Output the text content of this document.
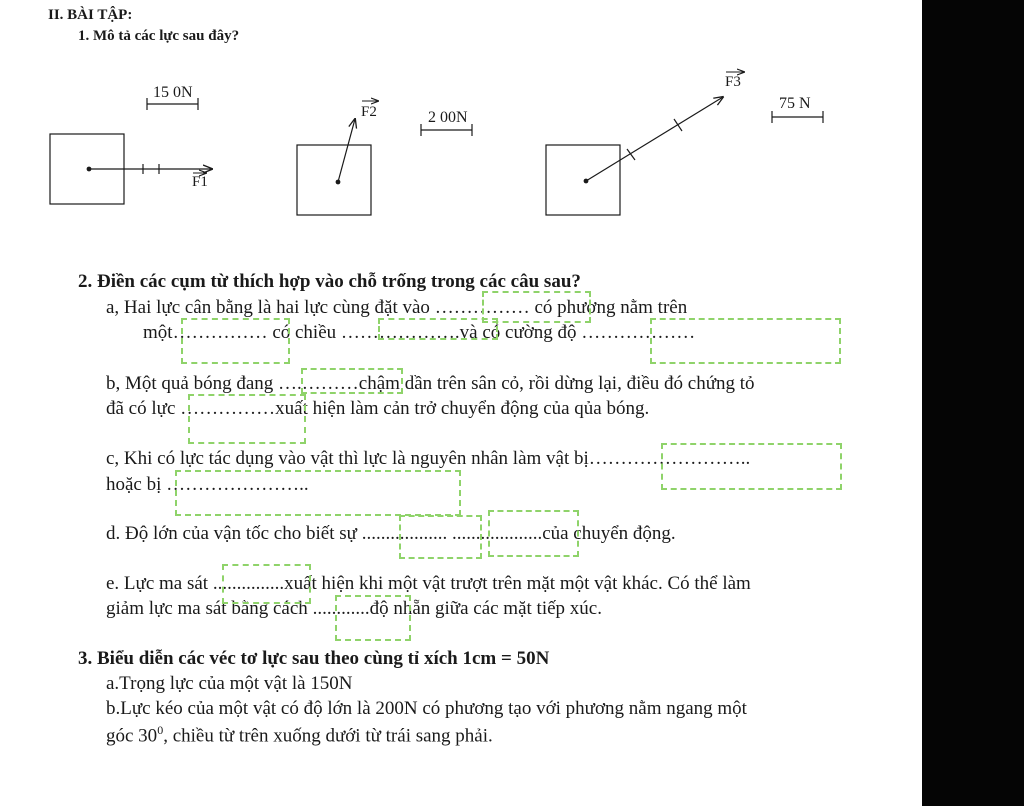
II. BÀI TẬP:
1. Mô tả các lực sau đây?
15 0N
F1
F2	2 00N
F3
75 N
2. Điền các cụm từ thích hợp vào chỗ trống trong các câu sau?
a, Hai lực cân bằng là hai lực cùng đặt vào …………… có phương nằm trên
một…………… có chiều ……………….và có cường độ ………………
b, Một quả bóng đang ….………chậm dần trên sân cỏ, rồi dừng lại, điều đó chứng tỏ
đã có lực ……………xuất hiện làm cản trở chuyển động của qủa bóng.
c, Khi có lực tác dụng vào vật thì lực là nguyên nhân làm vật bị……………………..
hoặc bị …………………..
d. Độ lớn của vận tốc cho biết sự .................. ...................của chuyển động.
e. Lực ma sát ...............xuất hiện khi một vật trượt trên mặt một vật khác. Có thể làm
giảm lực ma sát bằng cách ............độ nhẵn giữa các mặt tiếp xúc.
3. Biểu diễn các véc tơ lực sau theo cùng tỉ xích 1cm = 50N
a.Trọng lực của một vật là 150N
b.Lực kéo của một vật có độ lớn là 200N có phương tạo với phương nằm ngang một
góc $30^0$, chiều từ trên xuống dưới từ trái sang phải.
